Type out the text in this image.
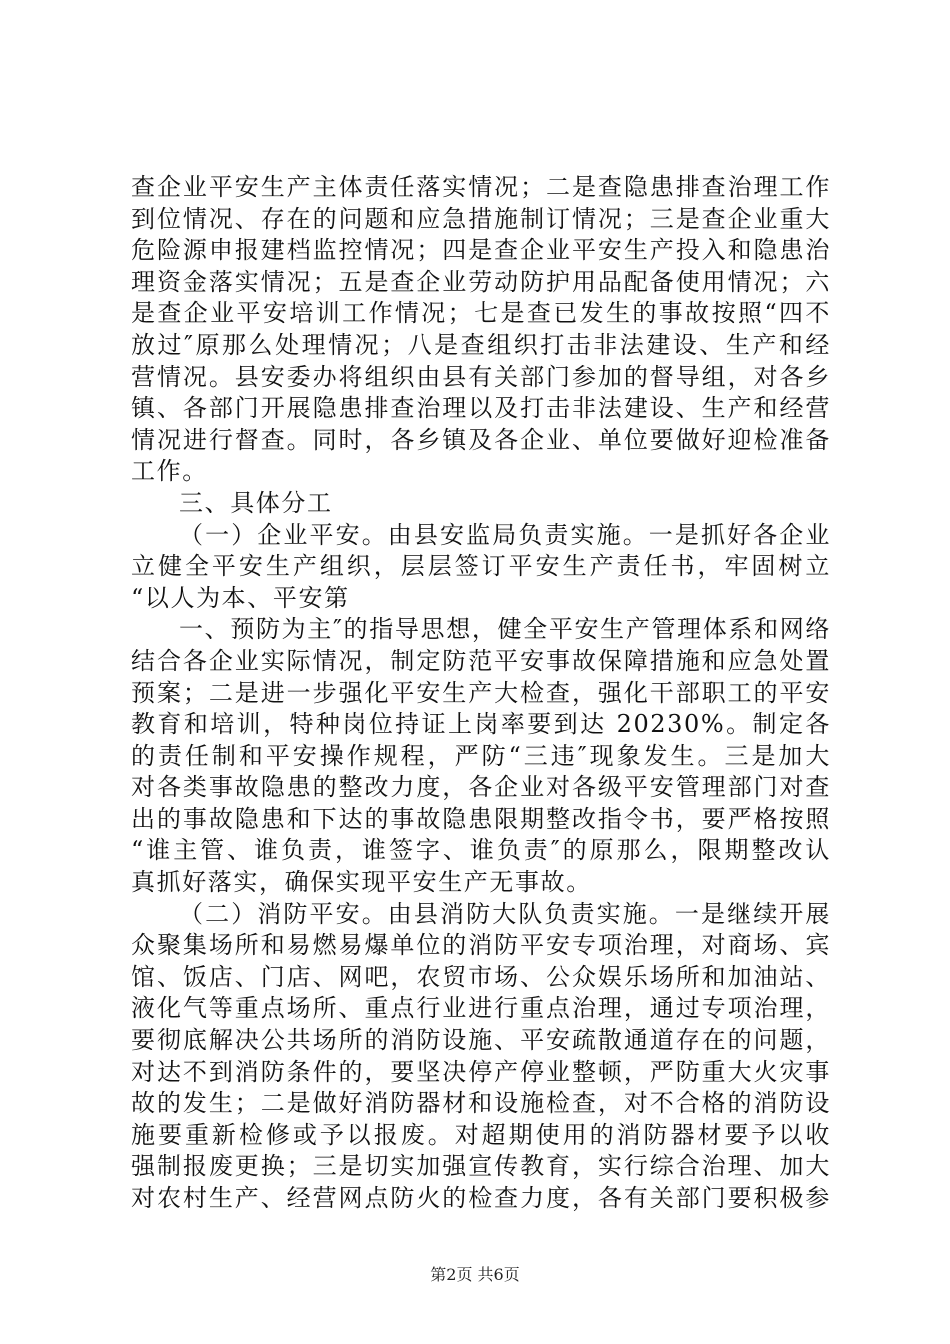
查企业平安生产主体责任落实情况；二是查隐患排查治理工作
到位情况、存在的问题和应急措施制订情况；三是查企业重大
危险源申报建档监控情况；四是查企业平安生产投入和隐患治
理资金落实情况；五是查企业劳动防护用品配备使用情况；六
是查企业平安培训工作情况；七是查已发生的事故按照“四不
放过″原那么处理情况；八是查组织打击非法建设、生产和经
营情况。县安委办将组织由县有关部门参加的督导组，对各乡
镇、各部门开展隐患排查治理以及打击非法建设、生产和经营
情况进行督查。同时，各乡镇及各企业、单位要做好迎检准备
工作。
三、具体分工
（一）企业平安。由县安监局负责实施。一是抓好各企业
立健全平安生产组织，层层签订平安生产责任书，牢固树立
“以人为本、平安第
一、预防为主″的指导思想，健全平安生产管理体系和网络
结合各企业实际情况，制定防范平安事故保障措施和应急处置
预案；二是进一步强化平安生产大检查，强化干部职工的平安
教育和培训，特种岗位持证上岗率要到达 20230%。制定各
的责任制和平安操作规程，严防“三违″现象发生。三是加大
对各类事故隐患的整改力度，各企业对各级平安管理部门对查
出的事故隐患和下达的事故隐患限期整改指令书，要严格按照
“谁主管、谁负责，谁签字、谁负责″的原那么，限期整改认
真抓好落实，确保实现平安生产无事故。
（二）消防平安。由县消防大队负责实施。一是继续开展
众聚集场所和易燃易爆单位的消防平安专项治理，对商场、宾
馆、饭店、门店、网吧，农贸市场、公众娱乐场所和加油站、
液化气等重点场所、重点行业进行重点治理，通过专项治理，
要彻底解决公共场所的消防设施、平安疏散通道存在的问题，
对达不到消防条件的，要坚决停产停业整顿，严防重大火灾事
故的发生；二是做好消防器材和设施检查，对不合格的消防设
施要重新检修或予以报废。对超期使用的消防器材要予以收
强制报废更换；三是切实加强宣传教育，实行综合治理、加大
对农村生产、经营网点防火的检查力度，各有关部门要积极参
第2页 共6页
